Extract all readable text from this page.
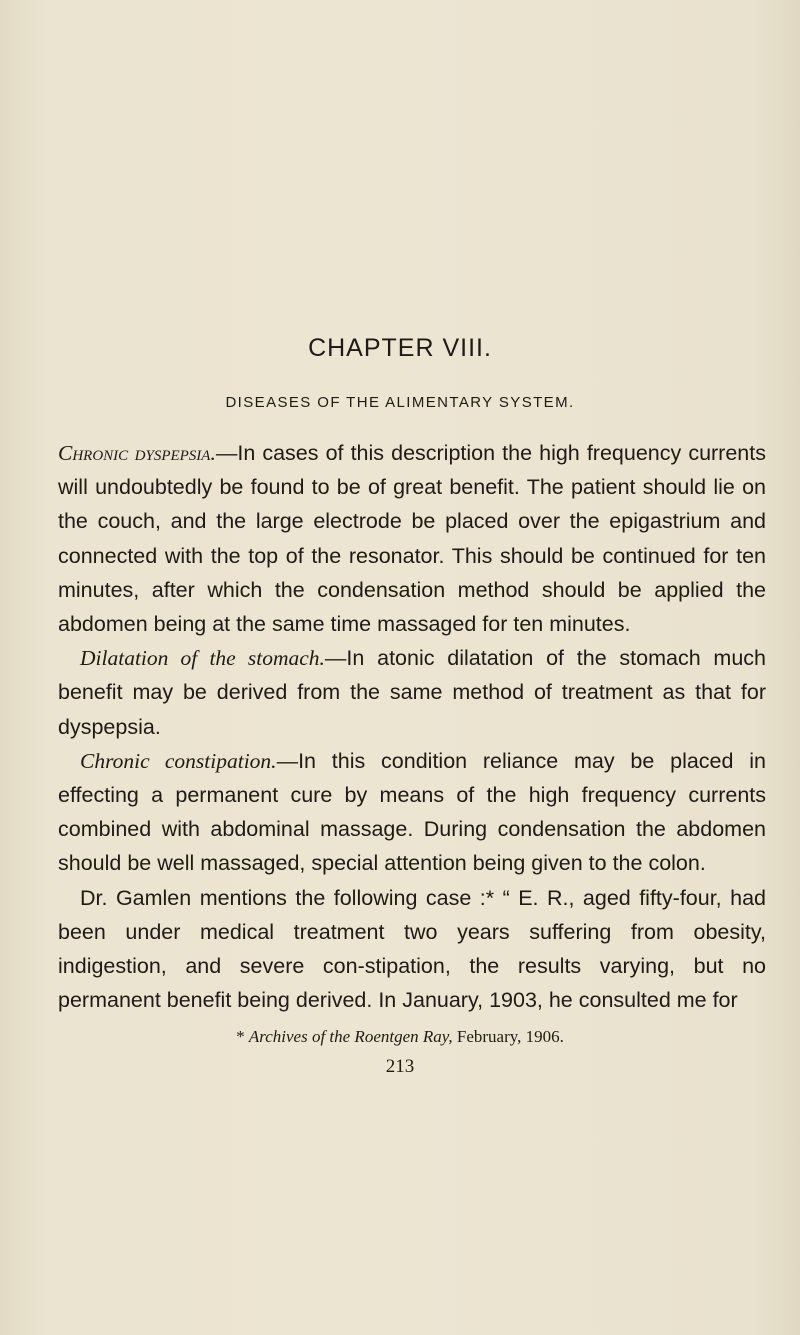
CHAPTER VIII.
DISEASES OF THE ALIMENTARY SYSTEM.

Chronic dyspepsia.—In cases of this description the high frequency currents will undoubtedly be found to be of great benefit. The patient should lie on the couch, and the large electrode be placed over the epigastrium and connected with the top of the resonator. This should be continued for ten minutes, after which the condensation method should be applied the abdomen being at the same time massaged for ten minutes.

Dilatation of the stomach.—In atonic dilatation of the stomach much benefit may be derived from the same method of treatment as that for dyspepsia.

Chronic constipation.—In this condition reliance may be placed in effecting a permanent cure by means of the high frequency currents combined with abdominal massage. During condensation the abdomen should be well massaged, special attention being given to the colon.

Dr. Gamlen mentions the following case :* “ E. R., aged fifty-four, had been under medical treatment two years suffering from obesity, indigestion, and severe con-stipation, the results varying, but no permanent benefit being derived. In January, 1903, he consulted me for

* Archives of the Roentgen Ray, February, 1906.
213
